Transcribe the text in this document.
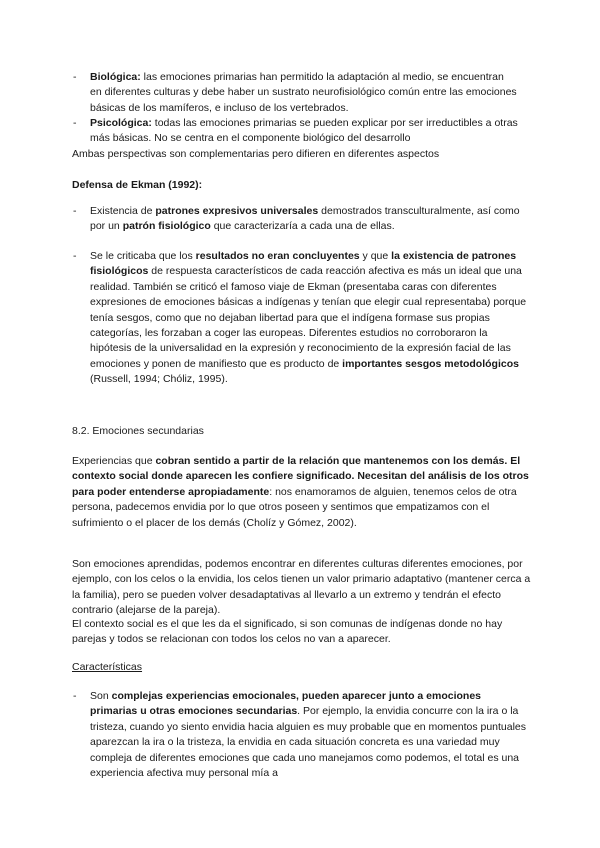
- Biológica: las emociones primarias han permitido la adaptación al medio, se encuentran en diferentes culturas y debe haber un sustrato neurofisiológico común entre las emociones básicas de los mamíferos, e incluso de los vertebrados.
- Psicológica: todas las emociones primarias se pueden explicar por ser irreductibles a otras más básicas. No se centra en el componente biológico del desarrollo
Ambas perspectivas son complementarias pero difieren en diferentes aspectos
Defensa de Ekman (1992):
- Existencia de patrones expresivos universales demostrados transculturalmente, así como por un patrón fisiológico que caracterizaría a cada una de ellas.
- Se le criticaba que los resultados no eran concluyentes y que la existencia de patrones fisiológicos de respuesta característicos de cada reacción afectiva es más un ideal que una realidad. También se criticó el famoso viaje de Ekman (presentaba caras con diferentes expresiones de emociones básicas a indígenas y tenían que elegir cual representaba) porque tenía sesgos, como que no dejaban libertad para que el indígena formase sus propias categorías, les forzaban a coger las europeas. Diferentes estudios no corroboraron la hipótesis de la universalidad en la expresión y reconocimiento de la expresión facial de las emociones y ponen de manifiesto que es producto de importantes sesgos metodológicos (Russell, 1994; Chóliz, 1995).
8.2. Emociones secundarias
Experiencias que cobran sentido a partir de la relación que mantenemos con los demás. El contexto social donde aparecen les confiere significado. Necesitan del análisis de los otros para poder entenderse apropiadamente: nos enamoramos de alguien, tenemos celos de otra persona, padecemos envidia por lo que otros poseen y sentimos que empatizamos con el sufrimiento o el placer de los demás (Cholíz y Gómez, 2002).
Son emociones aprendidas, podemos encontrar en diferentes culturas diferentes emociones, por ejemplo, con los celos o la envidia, los celos tienen un valor primario adaptativo (mantener cerca a la familia), pero se pueden volver desadaptativas al llevarlo a un extremo y tendrán el efecto contrario (alejarse de la pareja).
El contexto social es el que les da el significado, si son comunas de indígenas donde no hay parejas y todos se relacionan con todos los celos no van a aparecer.
Características
- Son complejas experiencias emocionales, pueden aparecer junto a emociones primarias u otras emociones secundarias. Por ejemplo, la envidia concurre con la ira o la tristeza, cuando yo siento envidia hacia alguien es muy probable que en momentos puntuales aparezcan la ira o la tristeza, la envidia en cada situación concreta es una variedad muy compleja de diferentes emociones que cada uno manejamos como podemos, el total es una experiencia afectiva muy personal mía a
